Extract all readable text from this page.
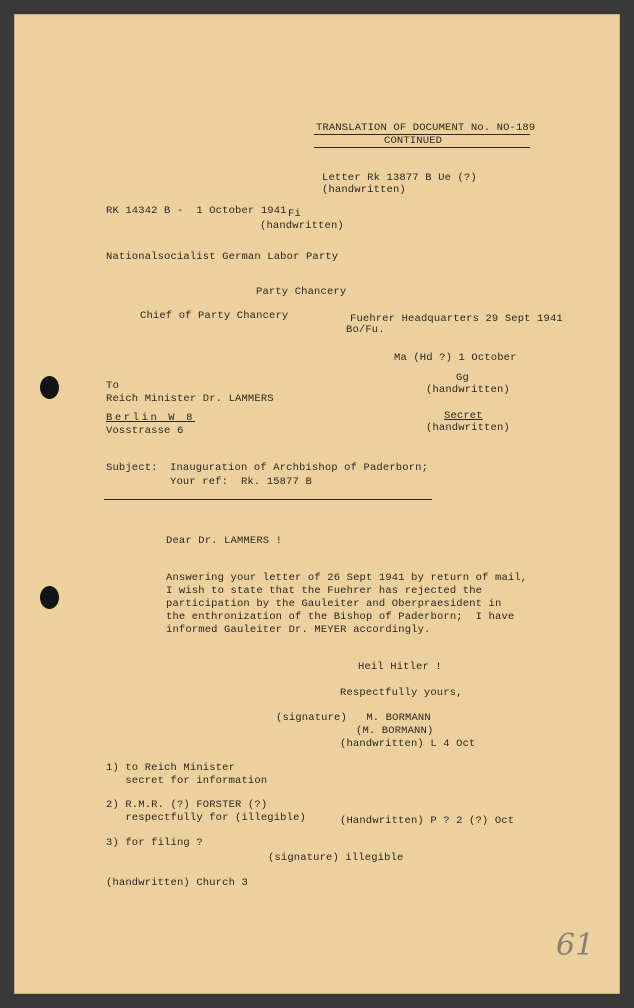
TRANSLATION OF DOCUMENT No. NO-189
CONTINUED
Letter Rk 13877 B Ue (?)
(handwritten)
RK 14342 B -  1 October 1941 Fi
(handwritten)
Nationalsocialist German Labor Party
Party Chancery
Chief of Party Chancery	Fuehrer Headquarters 29 Sept 1941
Bo/Fu.
Ma (Hd ?) 1 October
Gg
(handwritten)
To
Reich Minister Dr. LAMMERS
Berlin W 8
Vosstrasse 6
Secret
(handwritten)
Subject: Inauguration of Archbishop of Paderborn;
Your ref:  Rk. 15877 B
Dear Dr. LAMMERS !
Answering your letter of 26 Sept 1941 by return of mail,
I wish to state that the Fuehrer has rejected the
participation by the Gauleiter and Oberpraesident in
the enthronization of the Bishop of Paderborn;  I have
informed Gauleiter Dr. MEYER accordingly.
Heil Hitler !
Respectfully yours,
(signature)   M. BORMANN
(M. BORMANN)
(handwritten) L 4 Oct
1) to Reich Minister
secret for information
2) R.M.R. (?) FORSTER (?)
respectfully for (illegible)	(Handwritten) P ? 2 (?) Oct
3) for filing ?
(signature) illegible
(handwritten) Church 3
61
